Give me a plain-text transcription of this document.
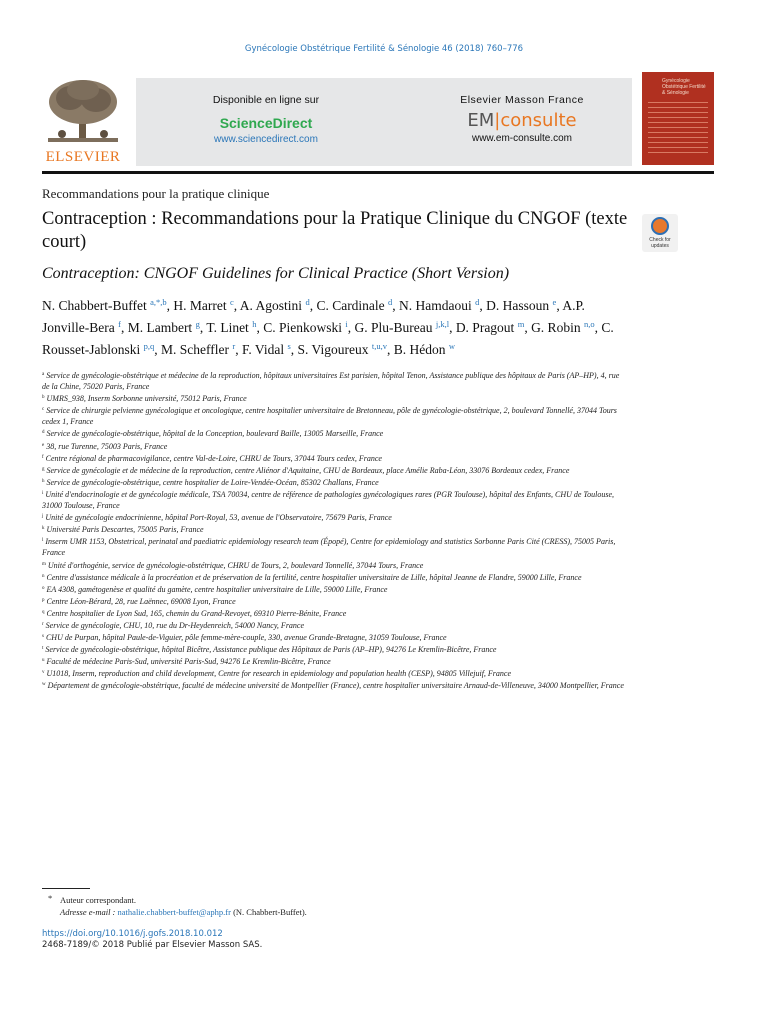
Gynécologie Obstétrique Fertilité & Sénologie 46 (2018) 760–776
ELSEVIER
Disponible en ligne sur
ScienceDirect
www.sciencedirect.com
Elsevier Masson France
EM|consulte
www.em-consulte.com
Gynécologie Obstétrique Fertilité & Sénologie
Recommandations pour la pratique clinique
Contraception : Recommandations pour la Pratique Clinique du CNGOF (texte court)	Check for updates
Contraception: CNGOF Guidelines for Clinical Practice (Short Version)
N. Chabbert-Buffet $^{a,*,b}$, H. Marret $^c$, A. Agostini $^d$, C. Cardinale $^d$, N. Hamdaoui $^d$, D. Hassoun $^e$, A.P. Jonville-Bera $^f$, M. Lambert $^g$, T. Linet $^h$, C. Pienkowski $^i$, G. Plu-Bureau $^{j,k,l}$, D. Pragout $^m$, G. Robin $^{n,o}$, C. Rousset-Jablonski $^{p,q}$, M. Scheffler $^r$, F. Vidal $^s$, S. Vigoureux $^{t,u,v}$, B. Hédon $^w$
$^a$ Service de gynécologie-obstétrique et médecine de la reproduction, hôpitaux universitaires Est parisien, hôpital Tenon, Assistance publique des hôpitaux de Paris (AP–HP), 4, rue de la Chine, 75020 Paris, France
$^b$ UMRS_938, Inserm Sorbonne université, 75012 Paris, France
$^c$ Service de chirurgie pelvienne gynécologique et oncologique, centre hospitalier universitaire de Bretonneau, pôle de gynécologie-obstétrique, 2, boulevard Tonnellé, 37044 Tours cedex 1, France
$^d$ Service de gynécologie-obstétrique, hôpital de la Conception, boulevard Baille, 13005 Marseille, France
$^e$ 38, rue Turenne, 75003 Paris, France
$^f$ Centre régional de pharmacovigilance, centre Val-de-Loire, CHRU de Tours, 37044 Tours cedex, France
$^g$ Service de gynécologie et de médecine de la reproduction, centre Aliénor d'Aquitaine, CHU de Bordeaux, place Amélie Raba-Léon, 33076 Bordeaux cedex, France
$^h$ Service de gynécologie-obstétrique, centre hospitalier de Loire-Vendée-Océan, 85302 Challans, France
$^i$ Unité d'endocrinologie et de gynécologie médicale, TSA 70034, centre de référence de pathologies gynécologiques rares (PGR Toulouse), hôpital des Enfants, CHU de Toulouse, 31000 Toulouse, France
$^j$ Unité de gynécologie endocrinienne, hôpital Port-Royal, 53, avenue de l'Observatoire, 75679 Paris, France
$^k$ Université Paris Descartes, 75005 Paris, France
$^l$ Inserm UMR 1153, Obstetrical, perinatal and paediatric epidemiology research team (Épopé), Centre for epidemiology and statistics Sorbonne Paris Cité (CRESS), 75005 Paris, France
$^m$ Unité d'orthogénie, service de gynécologie-obstétrique, CHRU de Tours, 2, boulevard Tonnellé, 37044 Tours, France
$^n$ Centre d'assistance médicale à la procréation et de préservation de la fertilité, centre hospitalier universitaire de Lille, hôpital Jeanne de Flandre, 59000 Lille, France
$^o$ EA 4308, gamétogenèse et qualité du gamète, centre hospitalier universitaire de Lille, 59000 Lille, France
$^p$ Centre Léon-Bérard, 28, rue Laënnec, 69008 Lyon, France
$^q$ Centre hospitalier de Lyon Sud, 165, chemin du Grand-Revoyet, 69310 Pierre-Bénite, France
$^r$ Service de gynécologie, CHU, 10, rue du Dr-Heydenreich, 54000 Nancy, France
$^s$ CHU de Purpan, hôpital Paule-de-Viguier, pôle femme-mère-couple, 330, avenue Grande-Bretagne, 31059 Toulouse, France
$^t$ Service de gynécologie-obstétrique, hôpital Bicêtre, Assistance publique des Hôpitaux de Paris (AP–HP), 94276 Le Kremlin-Bicêtre, France
$^u$ Faculté de médecine Paris-Sud, université Paris-Sud, 94276 Le Kremlin-Bicêtre, France
$^v$ U1018, Inserm, reproduction and child development, Centre for research in epidemiology and population health (CESP), 94805 Villejuif, France
$^w$ Département de gynécologie-obstétrique, faculté de médecine université de Montpellier (France), centre hospitalier universitaire Arnaud-de-Villeneuve, 34000 Montpellier, France
* Auteur correspondant.
Adresse e-mail : nathalie.chabbert-buffet@aphp.fr (N. Chabbert-Buffet).
https://doi.org/10.1016/j.gofs.2018.10.012
2468-7189/© 2018 Publié par Elsevier Masson SAS.
